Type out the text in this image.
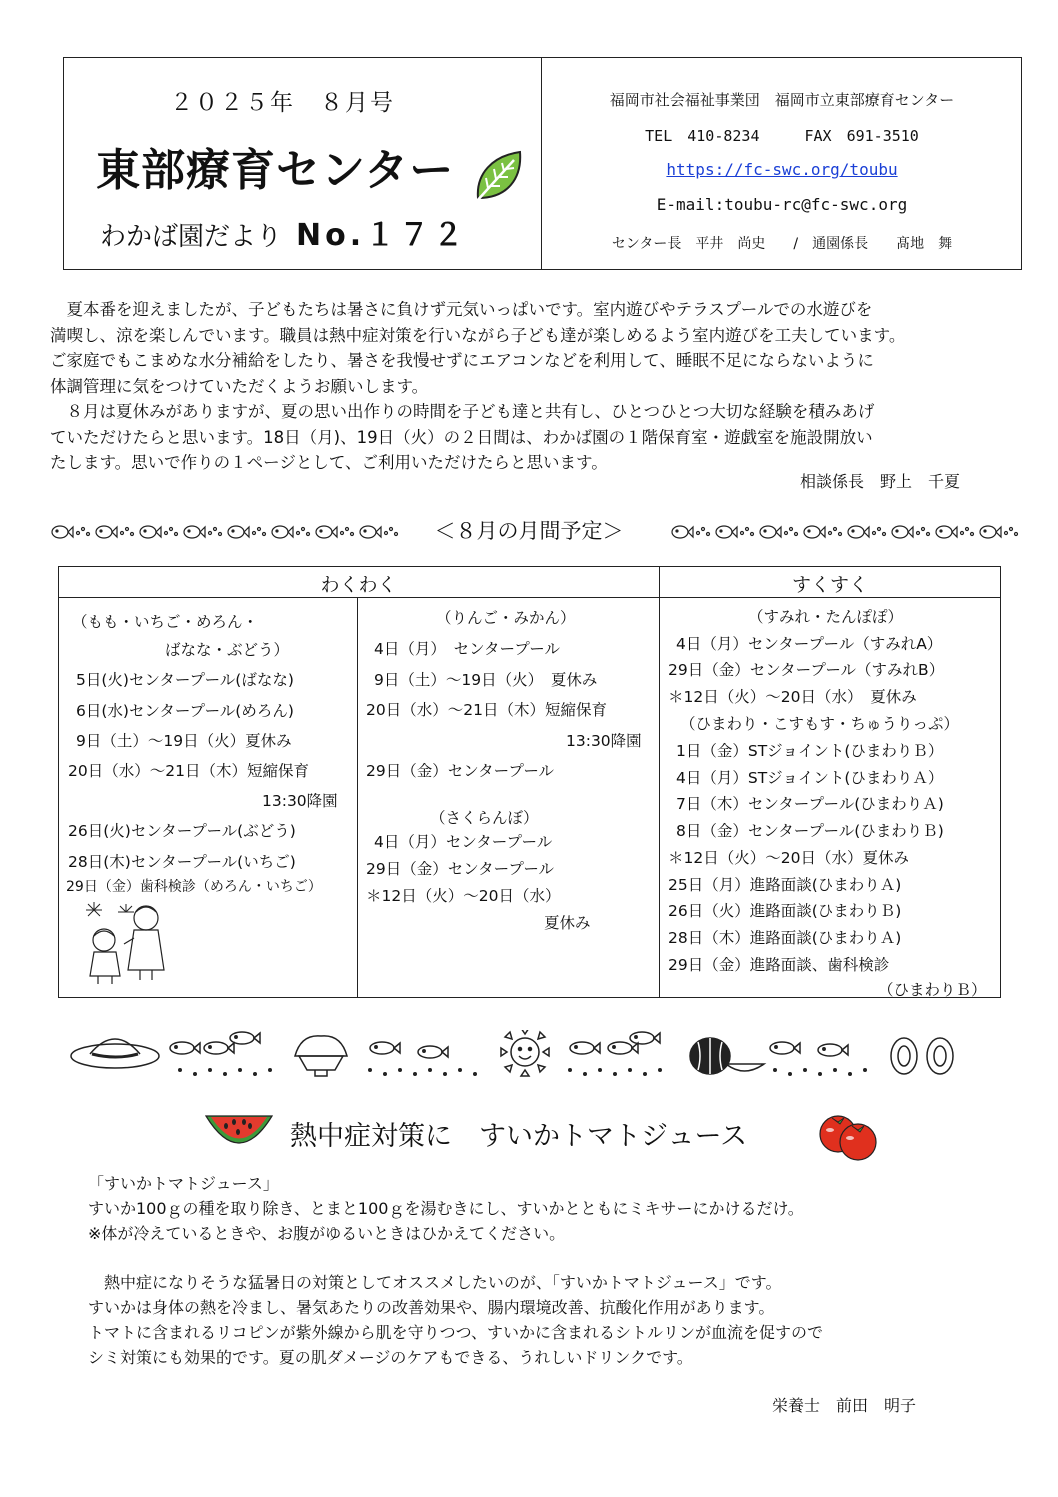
２０２５年　８月号
東部療育センター
わかば園だより No.１７２
福岡市社会福祉事業団　福岡市立東部療育センター
TEL　410-8234　　　FAX　691-3510
https://fc-swc.org/toubu
E-mail:toubu-rc@fc-swc.org
センター長　平井　尚史　　/　通園係長　　髙地　舞

　夏本番を迎えましたが、子どもたちは暑さに負けず元気いっぱいです。室内遊びやテラスプールでの水遊びを

満喫し、涼を楽しんでいます。職員は熱中症対策を行いながら子ども達が楽しめるよう室内遊びを工夫しています。

ご家庭でもこまめな水分補給をしたり、暑さを我慢せずにエアコンなどを利用して、睡眠不足にならないように

体調管理に気をつけていただくようお願いします。

　８月は夏休みがありますが、夏の思い出作りの時間を子ども達と共有し、ひとつひとつ大切な経験を積みあげ

ていただけたらと思います。18日（月)、19日（火）の２日間は、わかば園の１階保育室・遊戯室を施設開放い

たします。思いで作りの１ページとして、ご利用いただけたらと思います。

相談係長　野上　千夏
＜８月の月間予定＞
わくわく	すくすく
（もも・いちご・めろん・
　　　　　　ばなな・ぶどう）
5日(火)センタープール(ばなな)
6日(水)センタープール(めろん)
9日（土）～19日（火）夏休み
20日（水）～21日（木）短縮保育
13:30降園
26日(火)センタープール(ぶどう)
28日(木)センタープール(いちご)
29日（金）歯科検診（めろん・いちご）
（りんご・みかん）
4日（月）　センタープール
9日（土）～19日（火）　夏休み
20日（水）～21日（木）短縮保育
13:30降園
29日（金）センタープール
（さくらんぼ）
4日（月）センタープール
29日（金）センタープール
＊12日（火）～20日（水）
夏休み
（すみれ・たんぽぽ）
4日（月）センタープール（すみれA）
29日（金）センタープール（すみれB）
＊12日（火）～20日（水）　夏休み
（ひまわり・こすもす・ちゅうりっぷ）
1日（金）STジョイント(ひまわりＢ）
4日（月）STジョイント(ひまわりＡ）
7日（木）センタープール(ひまわりＡ)
8日（金）センタープール(ひまわりＢ)
＊12日（火）～20日（水）夏休み
25日（月）進路面談(ひまわりＡ)
26日（火）進路面談(ひまわりＢ)
28日（木）進路面談(ひまわりＡ)
29日（金）進路面談、歯科検診
（ひまわりＢ）
熱中症対策に　すいかトマトジュース
「すいかトマトジュース」

すいか100ｇの種を取り除き、とまと100ｇを湯むきにし、すいかとともにミキサーにかけるだけ。

※体が冷えているときや、お腹がゆるいときはひかえてください。

　熱中症になりそうな猛暑日の対策としてオススメしたいのが、「すいかトマトジュース」です。

すいかは身体の熱を冷まし、暑気あたりの改善効果や、腸内環境改善、抗酸化作用があります。

トマトに含まれるリコピンが紫外線から肌を守りつつ、すいかに含まれるシトルリンが血流を促すので

シミ対策にも効果的です。夏の肌ダメージのケアもできる、うれしいドリンクです。

栄養士　前田　明子
